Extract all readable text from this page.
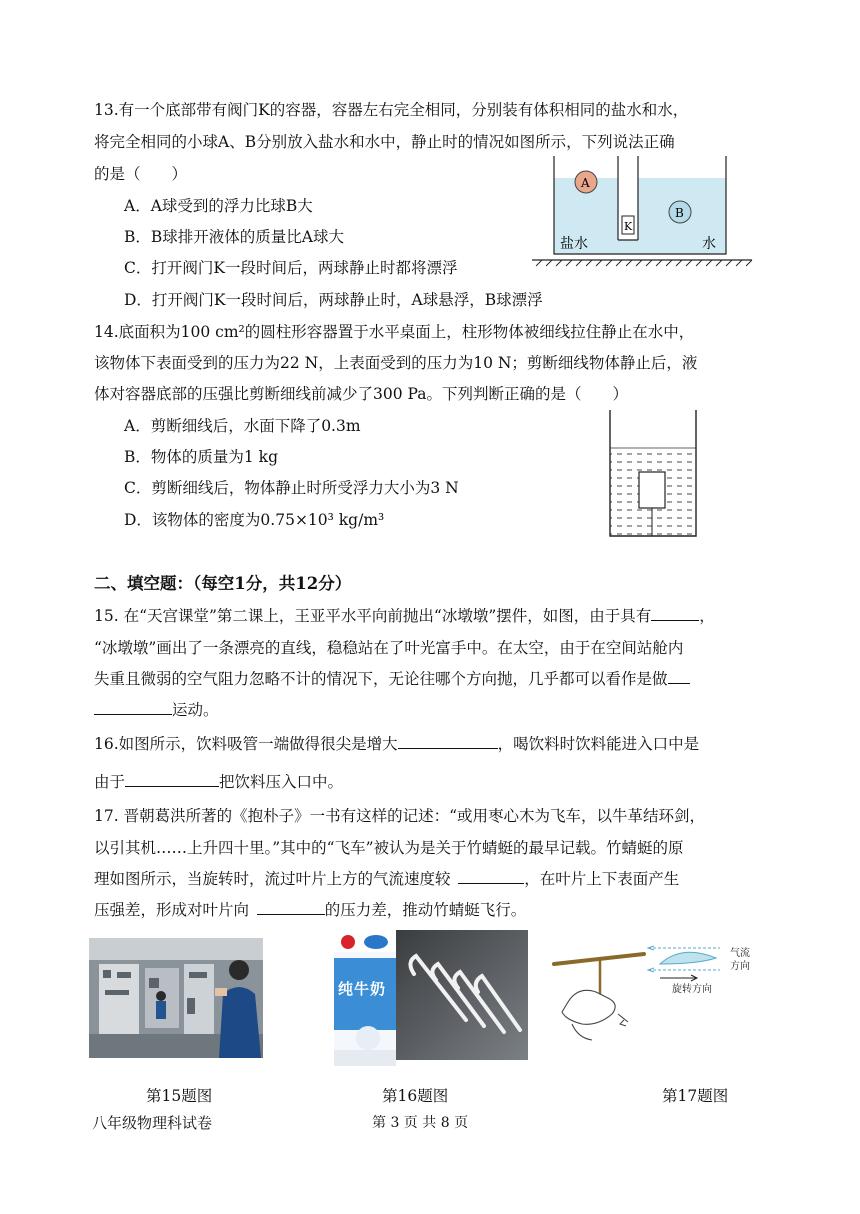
13.有一个底部带有阀门K的容器，容器左右完全相同，分别装有体积相同的盐水和水，
将完全相同的小球A、B分别放入盐水和水中，静止时的情况如图所示，下列说法正确
的是（　　）
A．A球受到的浮力比球B大
B．B球排开液体的质量比A球大
C．打开阀门K一段时间后，两球静止时都将漂浮
D．打开阀门K一段时间后，两球静止时，A球悬浮，B球漂浮
K
A
B
盐水	水
14.底面积为100 cm²的圆柱形容器置于水平桌面上，柱形物体被细线拉住静止在水中，
该物体下表面受到的压力为22 N，上表面受到的压力为10 N；剪断细线物体静止后，液
体对容器底部的压强比剪断细线前减少了300 Pa。下列判断正确的是（　　）
A．剪断细线后，水面下降了0.3m
B．物体的质量为1 kg
C．剪断细线后，物体静止时所受浮力大小为3 N
D．该物体的密度为0.75×10³ kg/m³
二、填空题：（每空1分，共12分）
15. 在“天宫课堂”第二课上，王亚平水平向前抛出“冰墩墩”摆件，如图，由于具有	，
“冰墩墩”画出了一条漂亮的直线，稳稳站在了叶光富手中。在太空，由于在空间站舱内
失重且微弱的空气阻力忽略不计的情况下，无论往哪个方向抛，几乎都可以看作是做
运动。
16.如图所示，饮料吸管一端做得很尖是增大	，喝饮料时饮料能进入口中是
由于	把饮料压入口中。
17. 晋朝葛洪所著的《抱朴子》一书有这样的记述：“或用枣心木为飞车，以牛革结环剑，
以引其机……上升四十里。”其中的“飞车”被认为是关于竹蜻蜓的最早记载。竹蜻蜓的原
理如图所示，当旋转时，流过叶片上方的气流速度较 	，在叶片上下表面产生
压强差，形成对叶片向 	的压力差，推动竹蜻蜓飞行。
纯牛奶
气流
方向
旋转方向
第15题图	第16题图	第17题图
八年级物理科试卷	第 3 页 共 8 页
